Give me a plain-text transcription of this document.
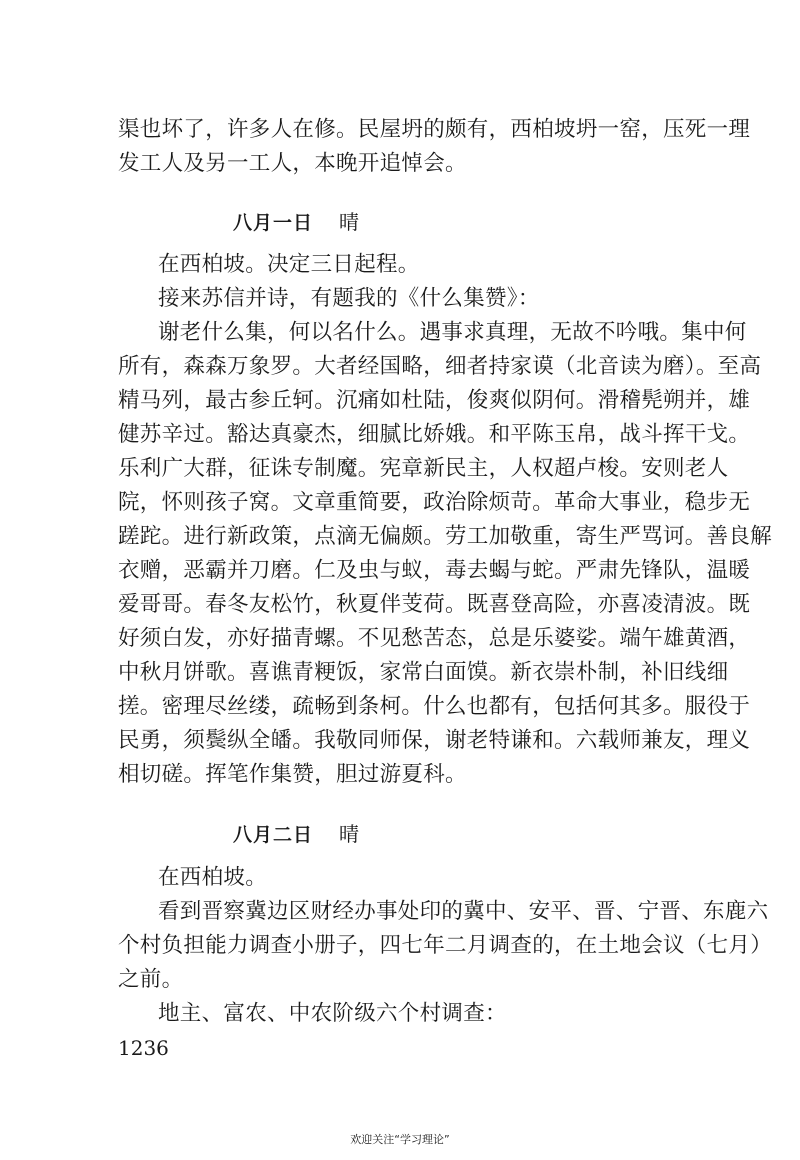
渠也坏了，许多人在修。民屋坍的颇有，西柏坡坍一窑，压死一理
发工人及另一工人，本晚开追悼会。
八月一日 晴
在西柏坡。决定三日起程。
接来苏信并诗，有题我的《什么集赞》：
谢老什么集，何以名什么。遇事求真理，无故不吟哦。集中何
所有，森森万象罗。大者经国略，细者持家谟（北音读为磨）。至高
精马列，最古参丘轲。沉痛如杜陆，俊爽似阴何。滑稽髡朔并，雄
健苏辛过。豁达真豪杰，细腻比娇娥。和平陈玉帛，战斗挥干戈。
乐利广大群，征诛专制魔。宪章新民主，人权超卢梭。安则老人
院，怀则孩子窝。文章重简要，政治除烦苛。革命大事业，稳步无
蹉跎。进行新政策，点滴无偏颇。劳工加敬重，寄生严骂诃。善良解
衣赠，恶霸并刀磨。仁及虫与蚁，毒去蝎与蛇。严肃先锋队，温暖
爱哥哥。春冬友松竹，秋夏伴芰荷。既喜登高险，亦喜凌清波。既
好须白发，亦好描青螺。不见愁苦态，总是乐婆娑。端午雄黄酒，
中秋月饼歌。喜谯青粳饭，家常白面馍。新衣崇朴制，补旧线细
搓。密理尽丝缕，疏畅到条柯。什么也都有，包括何其多。服役于
民勇，须鬓纵全皤。我敬同师保，谢老特谦和。六载师兼友，理义
相切磋。挥笔作集赞，胆过游夏科。
八月二日 晴
在西柏坡。
看到晋察冀边区财经办事处印的冀中、安平、晋、宁晋、东鹿六
个村负担能力调查小册子，四七年二月调查的，在土地会议（七月）
之前。
地主、富农、中农阶级六个村调查：
1236
欢迎关注“学习理论”
